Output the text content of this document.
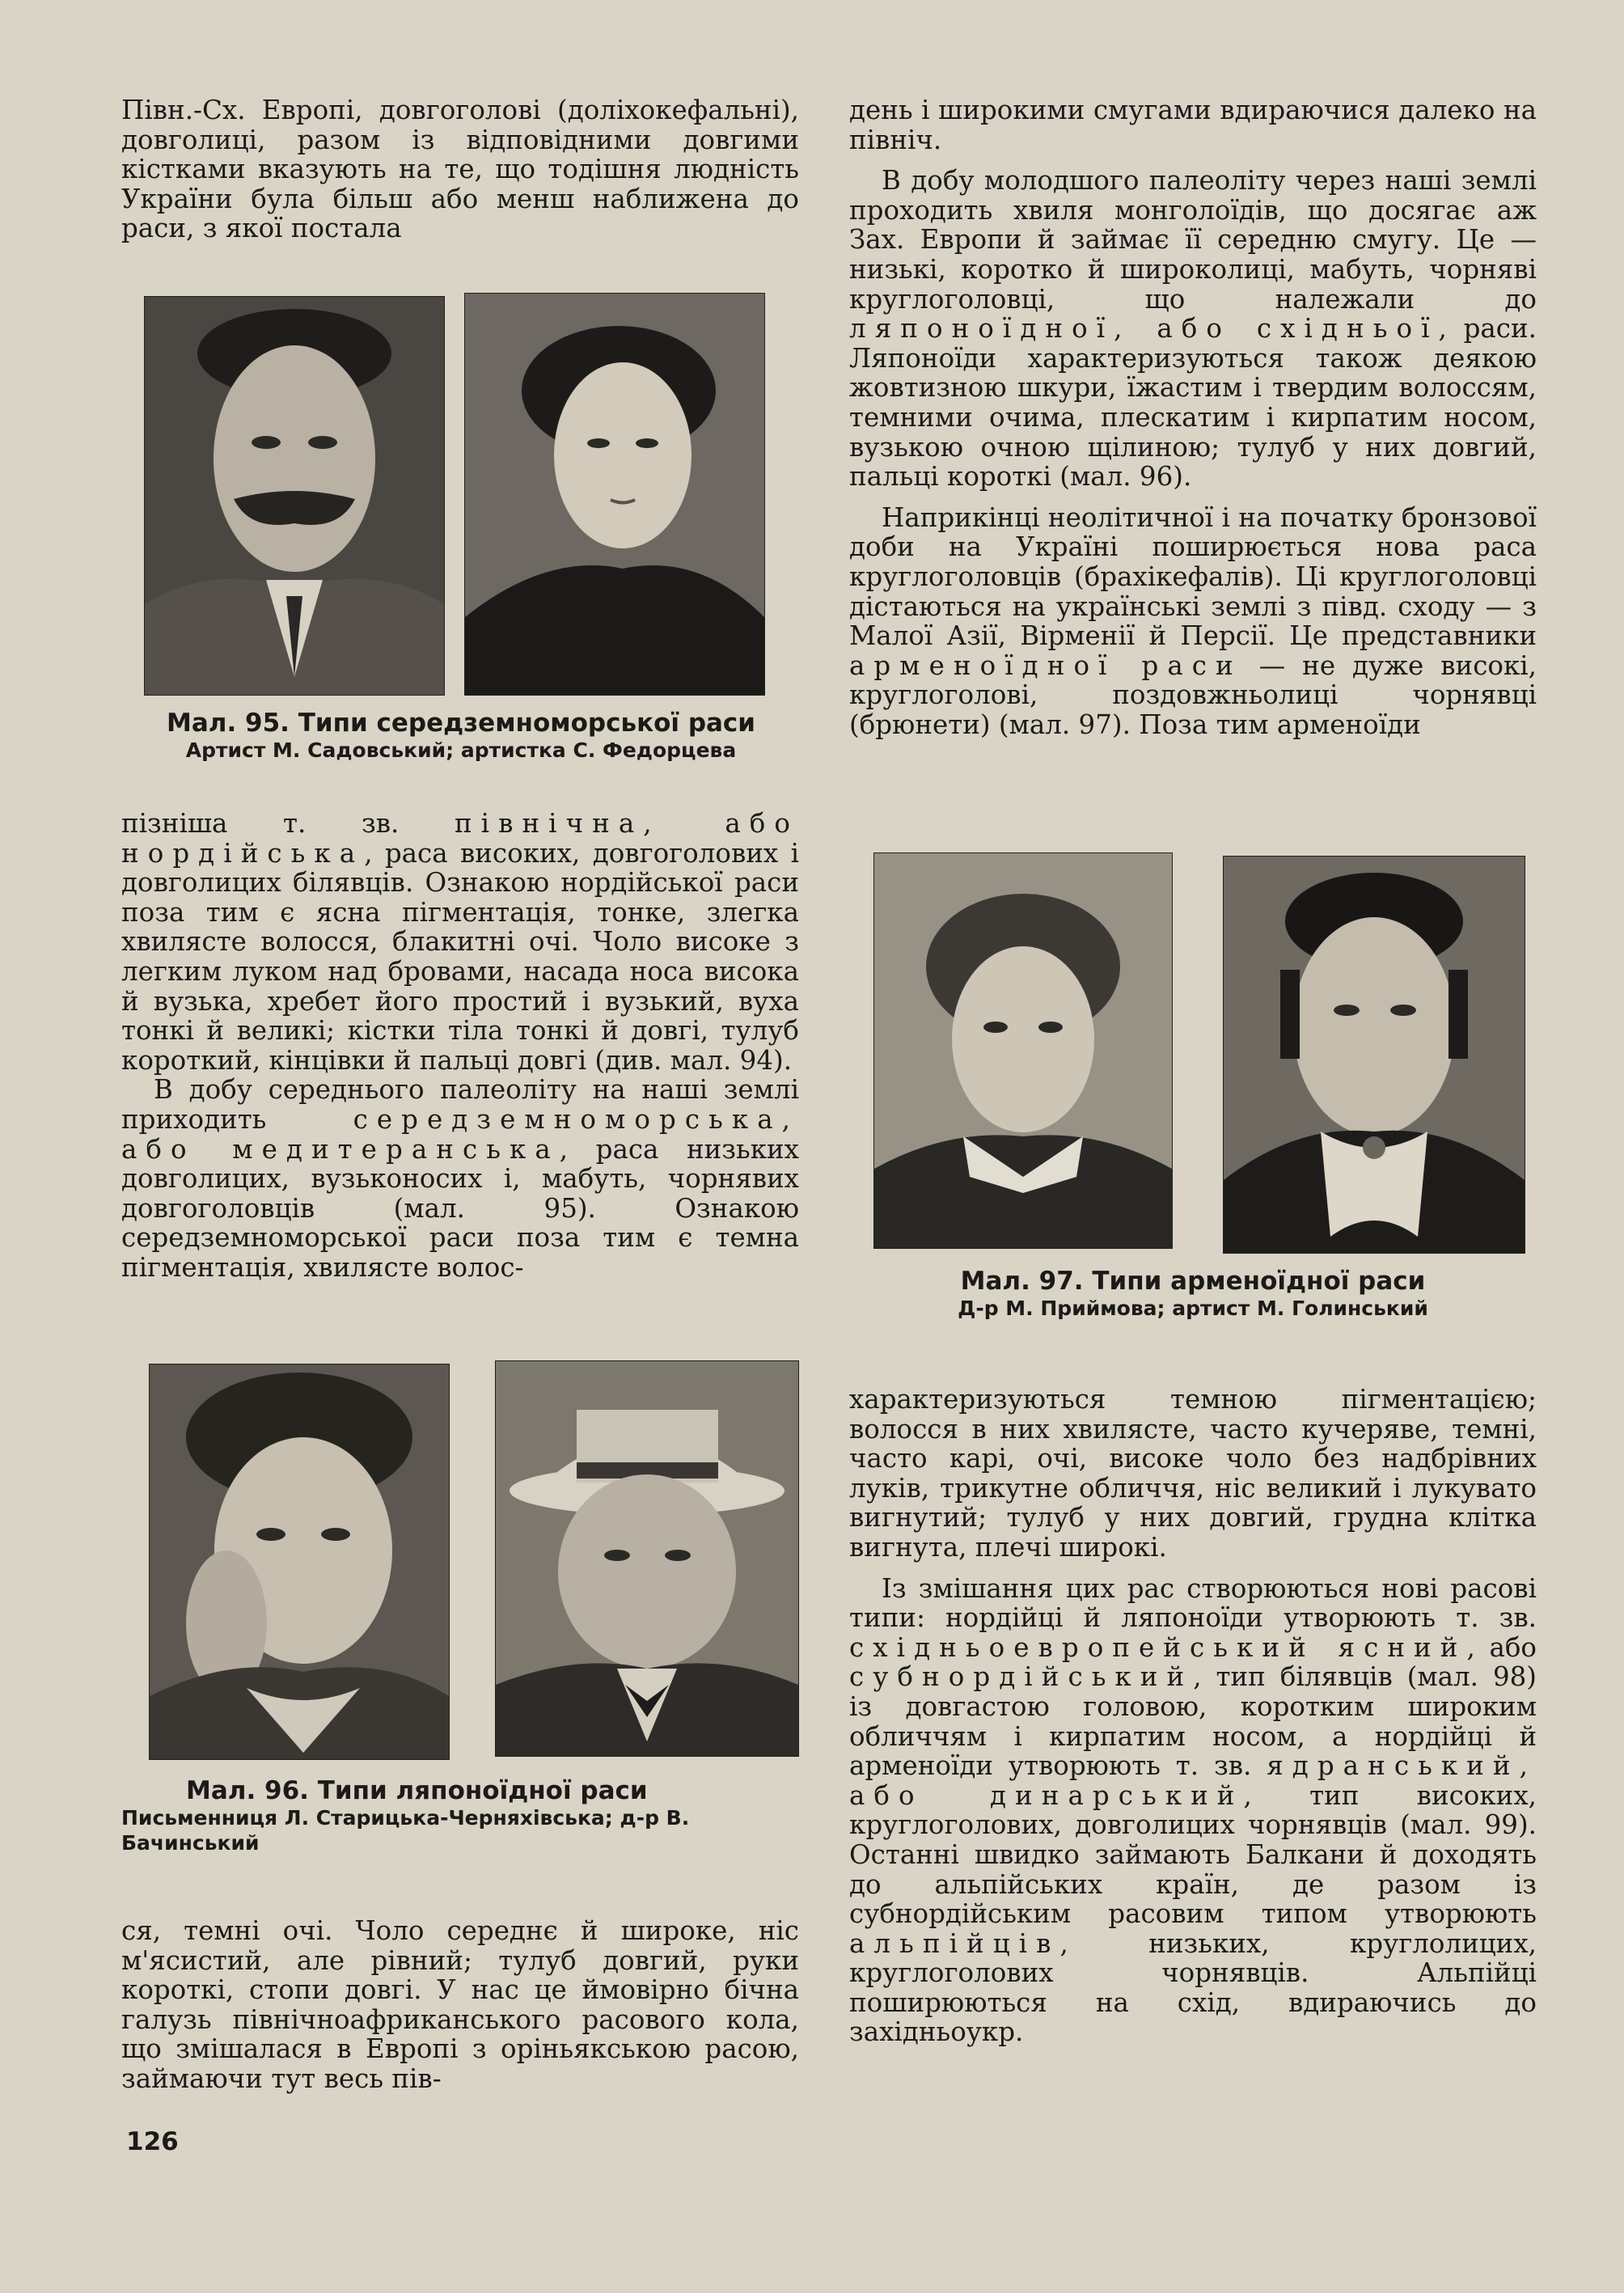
Півн.-Сх. Европі, довгоголові (доліхокефальні), довголиці, разом із відповідними довгими кістками вказують на те, що тодішня людність України була більш або менш наближена до раси, з якої постала

Мал. 95. Типи середземноморської раси
Артист М. Садовський; артистка С. Федорцева

пізніша т. зв. північна, або нордійська, раса високих, довгоголових і довголицих білявців. Ознакою нордійської раси поза тим є ясна пігментація, тонке, злегка хвилясте волосся, блакитні очі. Чоло високе з легким луком над бровами, насада носа висока й вузька, хребет його простий і вузький, вуха тонкі й великі; кістки тіла тонкі й довгі, тулуб короткий, кінцівки й пальці довгі (див. мал. 94).

В добу середнього палеоліту на наші землі приходить середземноморська, або медитеранська, раса низьких довголицих, вузьконосих і, мабуть, чорнявих довгоголовців (мал. 95). Ознакою середземноморської раси поза тим є темна пігментація, хвилясте волос-

Мал. 96. Типи ляпоноїдної раси
Письменниця Л. Старицька-Черняхівська; д-р В. Бачинський

ся, темні очі. Чоло середнє й широке, ніс м'ясистий, але рівний; тулуб довгий, руки короткі, стопи довгі. У нас це ймовірно бічна галузь північноафриканського расового кола, що змішалася в Европі з оріньякською расою, займаючи тут весь пів-

день і широкими смугами вдираючися далеко на північ.

В добу молодшого палеоліту через наші землі проходить хвиля монголоїдів, що досягає аж Зах. Европи й займає її середню смугу. Це — низькі, коротко й широколиці, мабуть, чорняві круглоголовці, що належали до ляпоноїдної, або східньої, раси. Ляпоноїди характеризуються також деякою жовтизною шкури, їжастим і твердим волоссям, темними очима, плескатим і кирпатим носом, вузькою очною щілиною; тулуб у них довгий, пальці короткі (мал. 96).

Наприкінці неолітичної і на початку бронзової доби на Україні поширюється нова раса круглоголовців (брахікефалів). Ці круглоголовці дістаються на українські землі з півд. сходу — з Малої Азії, Вірменії й Персії. Це представники арменоїдної раси — не дуже високі, круглоголові, поздовжньолиці чорнявці (брюнети) (мал. 97). Поза тим арменоїди

Мал. 97. Типи арменоїдної раси
Д-р М. Приймова; артист М. Голинський

характеризуються темною пігментацією; волосся в них хвилясте, часто кучеряве, темні, часто карі, очі, високе чоло без надбрівних луків, трикутне обличчя, ніс великий і лукувато вигнутий; тулуб у них довгий, грудна клітка вигнута, плечі широкі.

Із змішання цих рас створюються нові расові типи: нордійці й ляпоноїди утворюють т. зв. східньоевропейський ясний, або субнордійський, тип білявців (мал. 98) із довгастою головою, коротким широким обличчям і кирпатим носом, а нордійці й арменоїди утворюють т. зв. ядранський, або динарський, тип високих, круглоголових, довголицих чорнявців (мал. 99). Останні швидко займають Балкани й доходять до альпійських країн, де разом із субнордійським расовим типом утворюють альпійців, низьких, круглолицих, круглоголових чорнявців. Альпійці поширюються на схід, вдираючись до західньоукр.

126
